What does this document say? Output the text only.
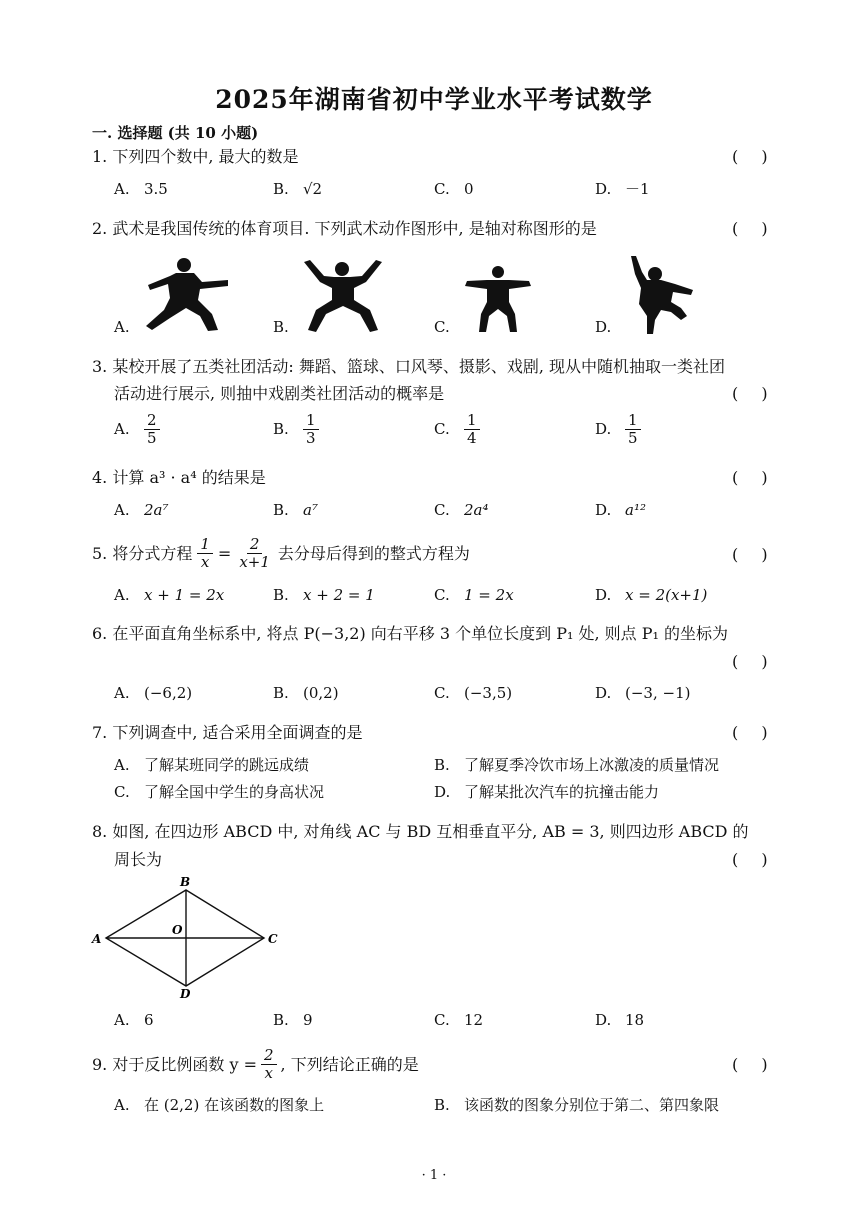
2025年湖南省初中学业水平考试数学
一. 选择题 (共 10 小题)
1. 下列四个数中, 最大的数是	( )
A. 3.5	B. √2	C. 0	D. －1
2. 武术是我国传统的体育项目. 下列武术动作图形中, 是轴对称图形的是	( )
A.	B.	C.	D.
3. 某校开展了五类社团活动: 舞蹈、篮球、口风琴、摄影、戏剧, 现从中随机抽取一类社团
活动进行展示, 则抽中戏剧类社团活动的概率是	( )
A. $\frac{2}{5}$	B. $\frac{1}{3}$	C. $\frac{1}{4}$	D. $\frac{1}{5}$
4. 计算 a³ · a⁴ 的结果是	( )
A. 2a⁷	B. a⁷	C. 2a⁴	D. a¹²
5. 将分式方程 $\frac{1}{x} = \frac{2}{x+1}$ 去分母后得到的整式方程为	( )
A. x + 1 = 2x	B. x + 2 = 1	C. 1 = 2x	D. x = 2(x+1)
6. 在平面直角坐标系中, 将点 P(−3,2) 向右平移 3 个单位长度到 P₁ 处, 则点 P₁ 的坐标为
( )
A. (−6,2)	B. (0,2)	C. (−3,5)	D. (−3, −1)
7. 下列调查中, 适合采用全面调查的是	( )
A. 了解某班同学的跳远成绩	B. 了解夏季冷饮市场上冰激凌的质量情况
C. 了解全国中学生的身高状况	D. 了解某批次汽车的抗撞击能力
8. 如图, 在四边形 ABCD 中, 对角线 AC 与 BD 互相垂直平分, AB = 3, 则四边形 ABCD 的
周长为	( )
A
B
C
D
O
A. 6	B. 9	C. 12	D. 18
9. 对于反比例函数 $y = \frac{2}{x}$ , 下列结论正确的是	( )
A. 在 (2,2) 在该函数的图象上	B. 该函数的图象分别位于第二、第四象限
· 1 ·
